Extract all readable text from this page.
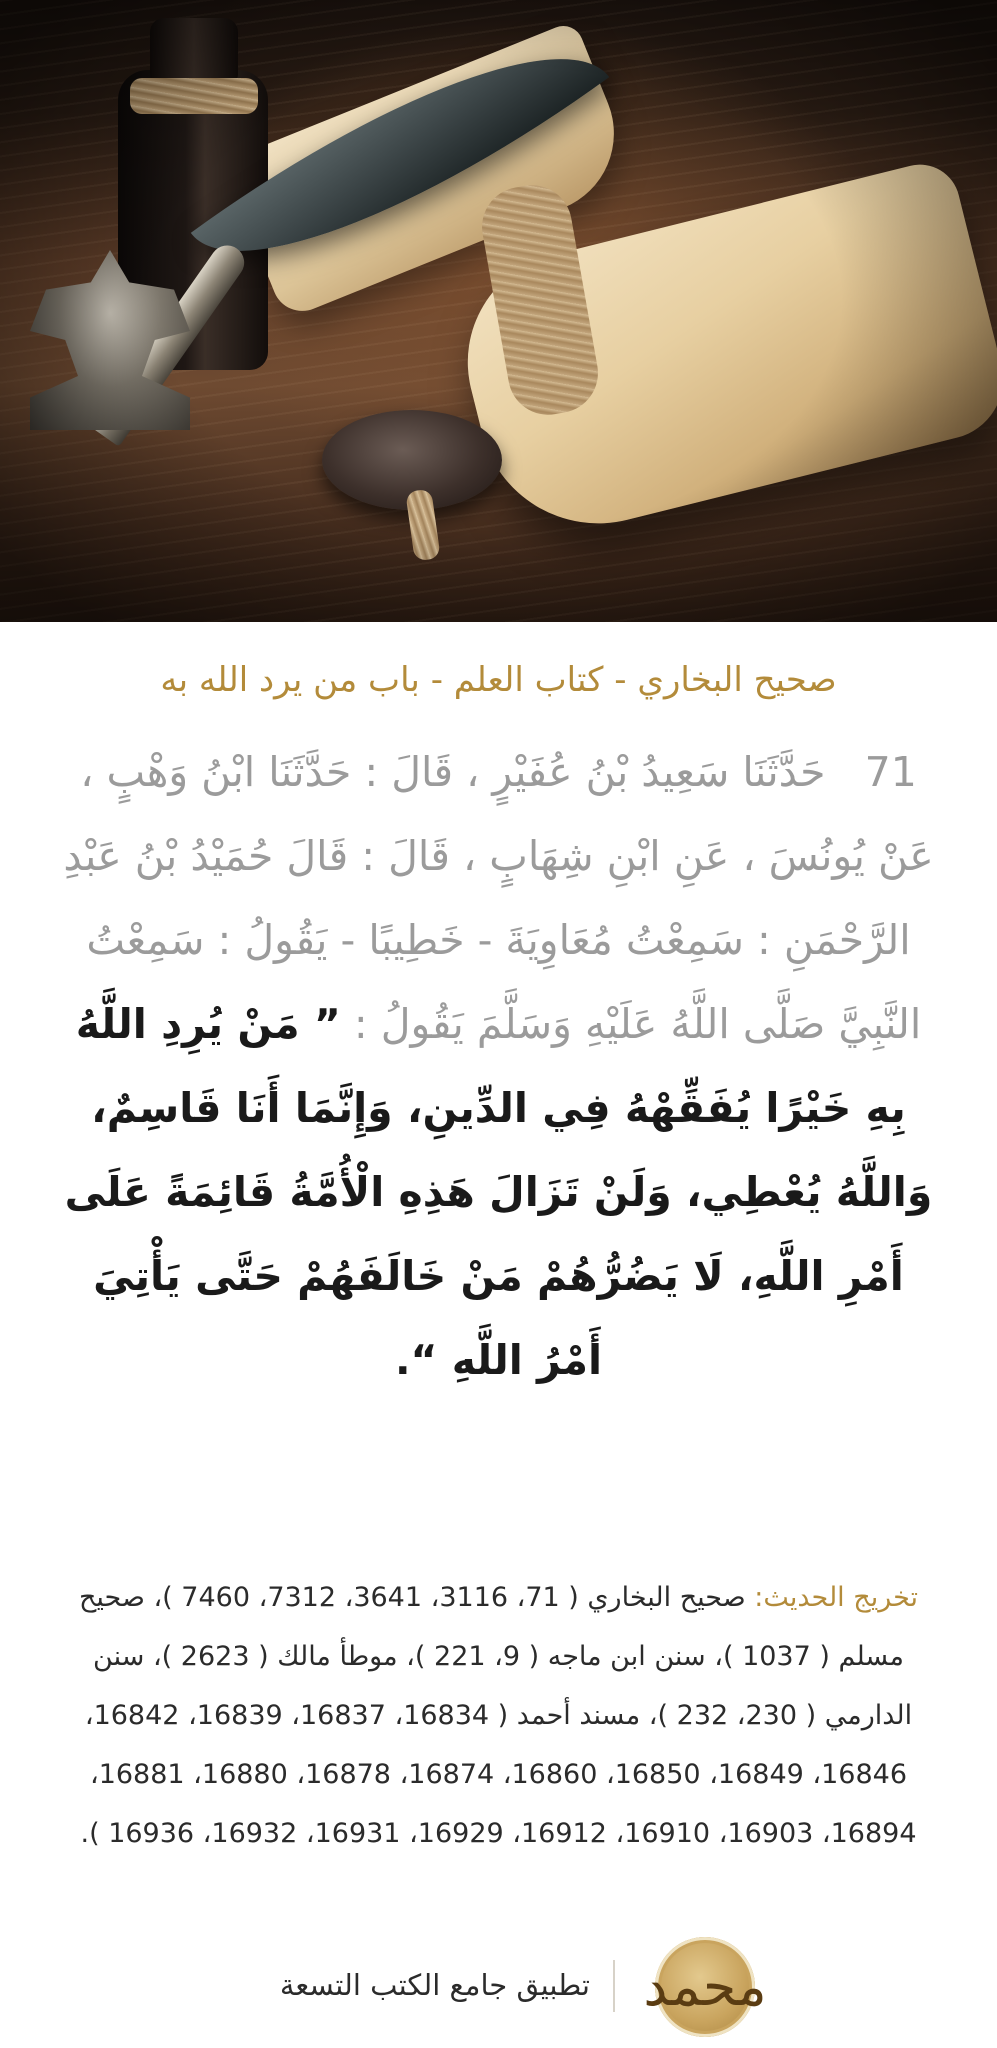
صحيح البخاري - كتاب العلم - باب من يرد الله به
71   حَدَّثَنَا سَعِيدُ بْنُ عُفَيْرٍ ، قَالَ : حَدَّثَنَا ابْنُ وَهْبٍ ، عَنْ يُونُسَ ، عَنِ ابْنِ شِهَابٍ ، قَالَ : قَالَ حُمَيْدُ بْنُ عَبْدِ الرَّحْمَنِ : سَمِعْتُ مُعَاوِيَةَ - خَطِيبًا - يَقُولُ : سَمِعْتُ النَّبِيَّ صَلَّى اللَّهُ عَلَيْهِ وَسَلَّمَ يَقُولُ : ” مَنْ يُرِدِ اللَّهُ بِهِ خَيْرًا يُفَقِّهْهُ فِي الدِّينِ، وَإِنَّمَا أَنَا قَاسِمٌ، وَاللَّهُ يُعْطِي، وَلَنْ تَزَالَ هَذِهِ الْأُمَّةُ قَائِمَةً عَلَى أَمْرِ اللَّهِ، لَا يَضُرُّهُمْ مَنْ خَالَفَهُمْ حَتَّى يَأْتِيَ أَمْرُ اللَّهِ “.
تخريج الحديث: صحيح البخاري ( 71، 3116، 3641، 7312، 7460 )، صحيح مسلم ( 1037 )، سنن ابن ماجه ( 9، 221 )، موطأ مالك ( 2623 )، سنن الدارمي ( 230، 232 )، مسند أحمد ( 16834، 16837، 16839، 16842، 16846، 16849، 16850، 16860، 16874، 16878، 16880، 16881، 16894، 16903، 16910، 16912، 16929، 16931، 16932، 16936 ).
تطبيق جامع الكتب التسعة محمد
